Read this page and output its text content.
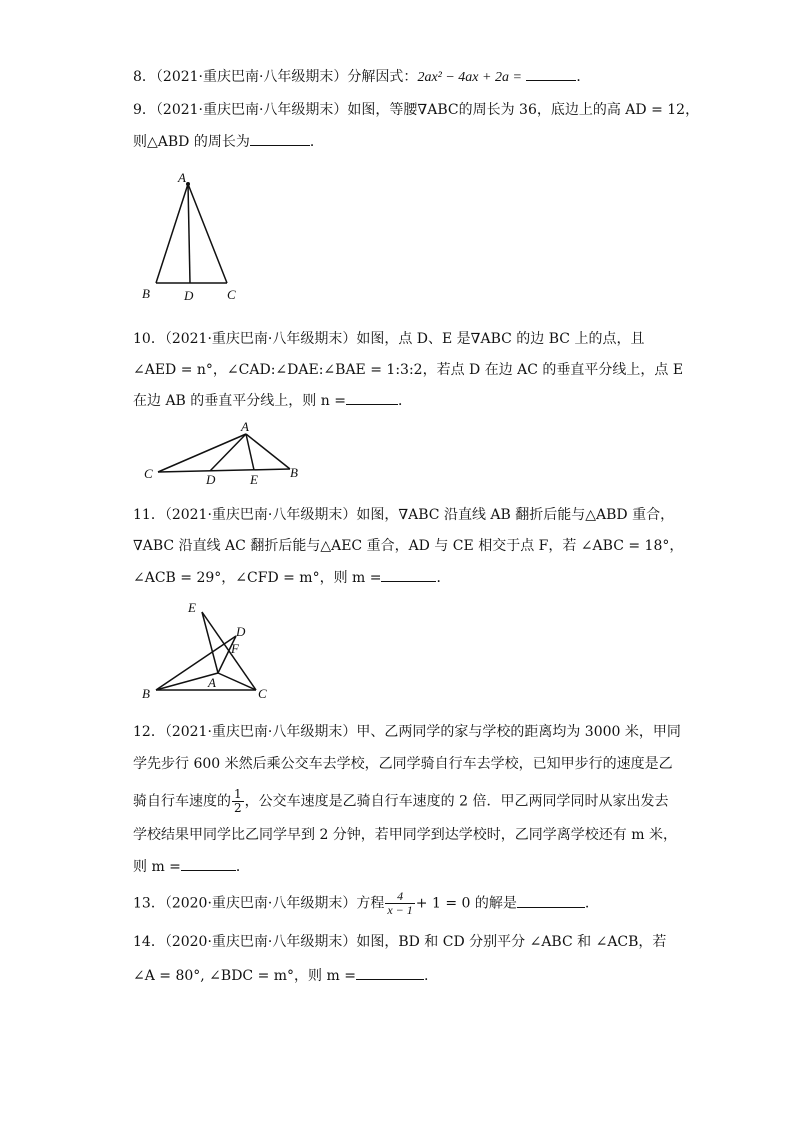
8．（2021·重庆巴南·八年级期末）分解因式：2ax² − 4ax + 2a =	．
9．（2021·重庆巴南·八年级期末）如图，等腰∇ABC的周长为 36，底边上的高 AD = 12，
则△ABD 的周长为	．
A
B	D	C
10．（2021·重庆巴南·八年级期末）如图，点 D、E 是∇ABC 的边 BC 上的点，且
∠AED = n°，∠CAD:∠DAE:∠BAE = 1:3:2，若点 D 在边 AC 的垂直平分线上，点 E
在边 AB 的垂直平分线上，则 n =	．
A
C	D	E B
11．（2021·重庆巴南·八年级期末）如图，∇ABC 沿直线 AB 翻折后能与△ABD 重合，
∇ABC 沿直线 AC 翻折后能与△AEC 重合，AD 与 CE 相交于点 F，若 ∠ABC = 18°，
∠ACB = 29°，∠CFD = m°，则 m =	．
E
D
F
A
B	C
12．（2021·重庆巴南·八年级期末）甲、乙两同学的家与学校的距离均为 3000 米，甲同
学先步行 600 米然后乘公交车去学校，乙同学骑自行车去学校，已知甲步行的速度是乙
骑自行车速度的 $\frac{1}{2}$ ，公交车速度是乙骑自行车速度的 2 倍．甲乙两同学同时从家出发去
学校结果甲同学比乙同学早到 2 分钟，若甲同学到达学校时，乙同学离学校还有 m 米，
则 m =	．
13．（2020·重庆巴南·八年级期末）方程 $\frac{4}{x - 1} + 1 = 0$ 的解是	.
14．（2020·重庆巴南·八年级期末）如图，BD 和 CD 分别平分 ∠ABC 和 ∠ACB，若
∠A = 80°, ∠BDC = m°，则 m =	.
